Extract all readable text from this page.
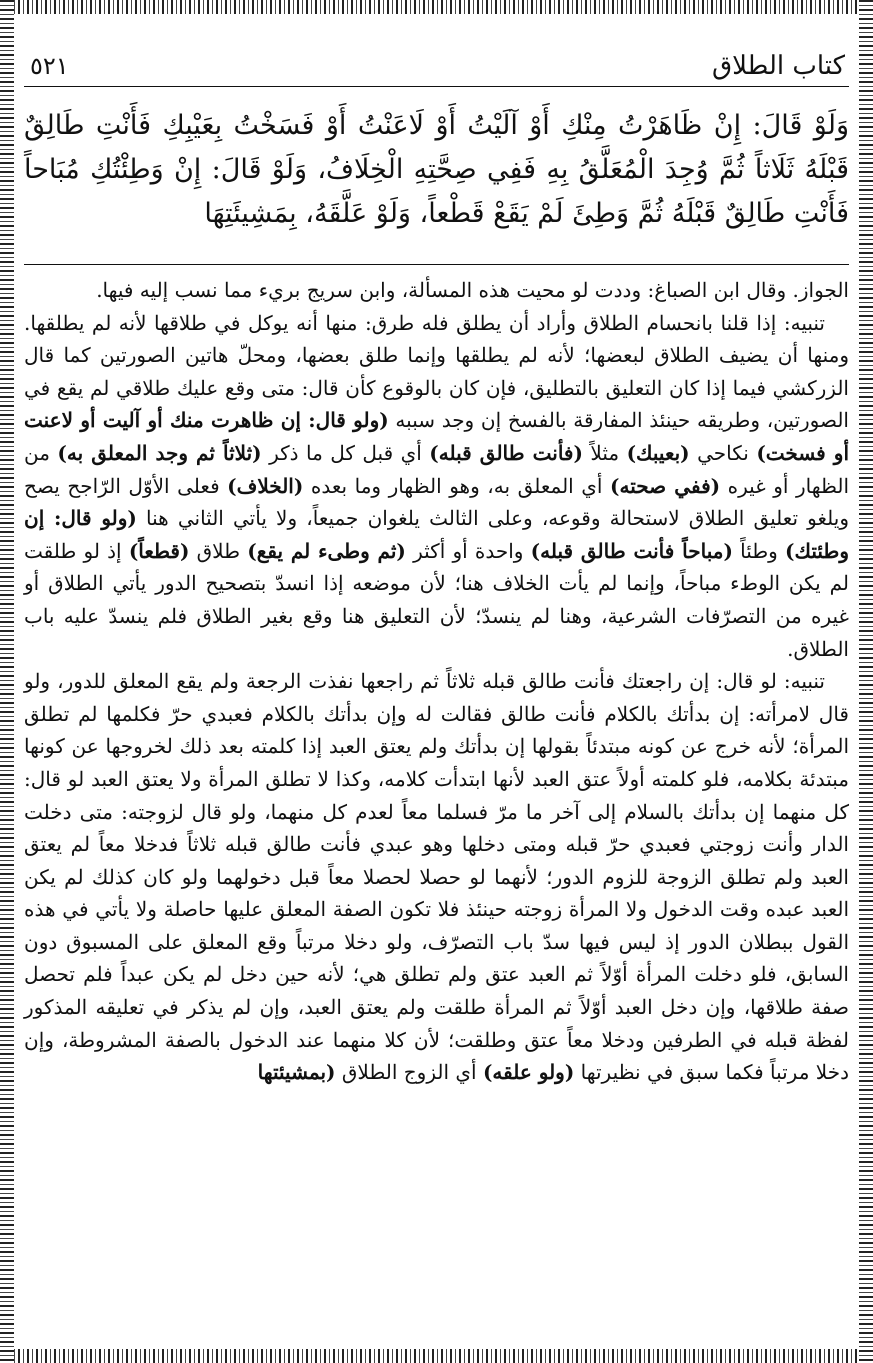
كتاب الطلاق
٥٢١
وَلَوْ قَالَ: إِنْ ظَاهَرْتُ مِنْكِ أَوْ آلَيْتُ أَوْ لَاعَنْتُ أَوْ فَسَخْتُ بِعَيْبِكِ فَأَنْتِ طَالِقٌ قَبْلَهُ ثَلَاثاً ثُمَّ وُجِدَ الْمُعَلَّقُ بِهِ فَفِي صِحَّتِهِ الْخِلَافُ، وَلَوْ قَالَ: إِنْ وَطِئْتُكِ مُبَاحاً فَأَنْتِ طَالِقٌ قَبْلَهُ ثُمَّ وَطِئَ لَمْ يَقَعْ قَطْعاً، وَلَوْ عَلَّقَهُ، بِمَشِيئَتِهَا

الجواز. وقال ابن الصباغ: وددت لو محيت هذه المسألة، وابن سريج بريء مما نسب إليه فيها.

تنبيه: إذا قلنا بانحسام الطلاق وأراد أن يطلق فله طرق: منها أنه يوكل في طلاقها لأنه لم يطلقها. ومنها أن يضيف الطلاق لبعضها؛ لأنه لم يطلقها وإنما طلق بعضها، ومحلّ هاتين الصورتين كما قال الزركشي فيما إذا كان التعليق بالتطليق، فإن كان بالوقوع كأن قال: متى وقع عليك طلاقي لم يقع في الصورتين، وطريقه حينئذ المفارقة بالفسخ إن وجد سببه (ولو قال: إن ظاهرت منك أو آليت أو لاعنت أو فسخت) نكاحي (بعيبك) مثلاً (فأنت طالق قبله) أي قبل كل ما ذكر (ثلاثاً ثم وجد المعلق به) من الظهار أو غيره (ففي صحته) أي المعلق به، وهو الظهار وما بعده (الخلاف) فعلى الأوّل الرّاجح يصح ويلغو تعليق الطلاق لاستحالة وقوعه، وعلى الثالث يلغوان جميعاً، ولا يأتي الثاني هنا (ولو قال: إن وطئتك) وطئاً (مباحاً فأنت طالق قبله) واحدة أو أكثر (ثم وطىء لم يقع) طلاق (قطعاً) إذ لو طلقت لم يكن الوطء مباحاً، وإنما لم يأت الخلاف هنا؛ لأن موضعه إذا انسدّ بتصحيح الدور يأتي الطلاق أو غيره من التصرّفات الشرعية، وهنا لم ينسدّ؛ لأن التعليق هنا وقع بغير الطلاق فلم ينسدّ عليه باب الطلاق.

تنبيه: لو قال: إن راجعتك فأنت طالق قبله ثلاثاً ثم راجعها نفذت الرجعة ولم يقع المعلق للدور، ولو قال لامرأته: إن بدأتك بالكلام فأنت طالق فقالت له وإن بدأتك بالكلام فعبدي حرّ فكلمها لم تطلق المرأة؛ لأنه خرج عن كونه مبتدئاً بقولها إن بدأتك ولم يعتق العبد إذا كلمته بعد ذلك لخروجها عن كونها مبتدئة بكلامه، فلو كلمته أولاً عتق العبد لأنها ابتدأت كلامه، وكذا لا تطلق المرأة ولا يعتق العبد لو قال: كل منهما إن بدأتك بالسلام إلى آخر ما مرّ فسلما معاً لعدم كل منهما، ولو قال لزوجته: متى دخلت الدار وأنت زوجتي فعبدي حرّ قبله ومتى دخلها وهو عبدي فأنت طالق قبله ثلاثاً فدخلا معاً لم يعتق العبد ولم تطلق الزوجة للزوم الدور؛ لأنهما لو حصلا لحصلا معاً قبل دخولهما ولو كان كذلك لم يكن العبد عبده وقت الدخول ولا المرأة زوجته حينئذ فلا تكون الصفة المعلق عليها حاصلة ولا يأتي في هذه القول ببطلان الدور إذ ليس فيها سدّ باب التصرّف، ولو دخلا مرتباً وقع المعلق على المسبوق دون السابق، فلو دخلت المرأة أوّلاً ثم العبد عتق ولم تطلق هي؛ لأنه حين دخل لم يكن عبداً فلم تحصل صفة طلاقها، وإن دخل العبد أوّلاً ثم المرأة طلقت ولم يعتق العبد، وإن لم يذكر في تعليقه المذكور لفظة قبله في الطرفين ودخلا معاً عتق وطلقت؛ لأن كلا منهما عند الدخول بالصفة المشروطة، وإن دخلا مرتباً فكما سبق في نظيرتها (ولو علقه) أي الزوج الطلاق (بمشيئتها
